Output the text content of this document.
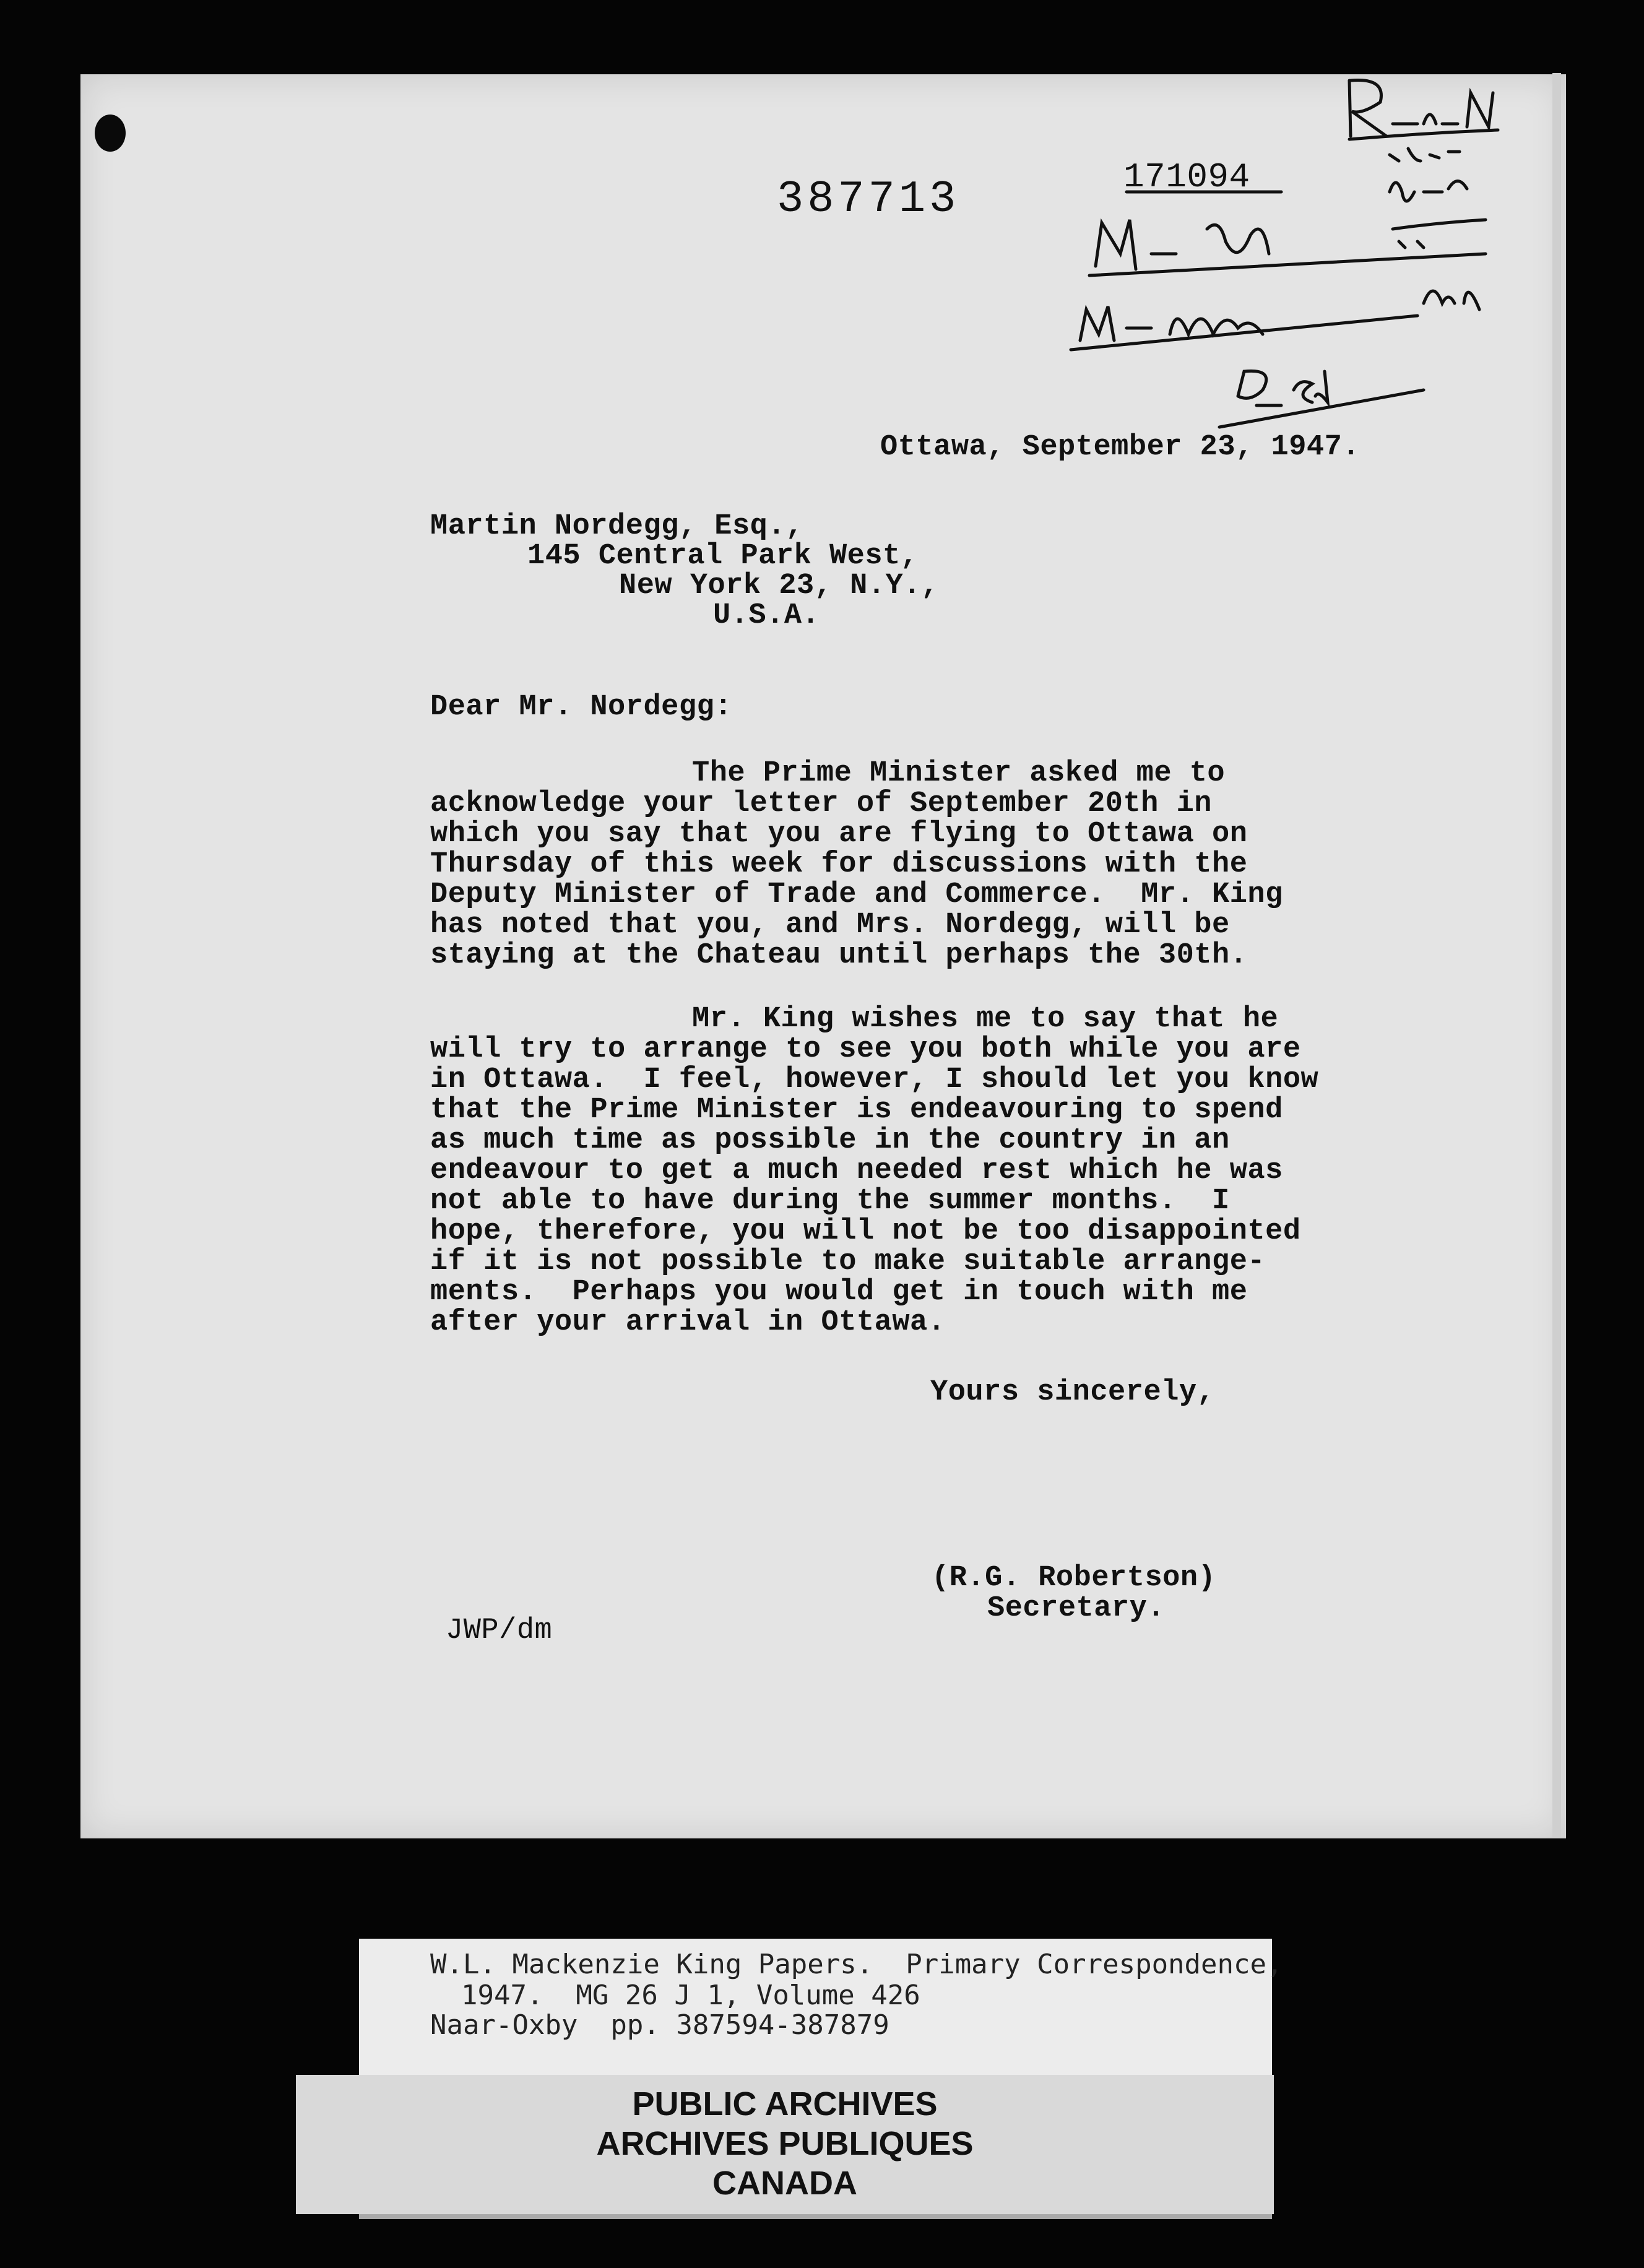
387713	171094
Ottawa, September 23, 1947.
Martin Nordegg, Esq.,
145 Central Park West,
New York 23, N.Y.,
U.S.A.
Dear Mr. Nordegg:
The Prime Minister asked me to
acknowledge your letter of September 20th in
which you say that you are flying to Ottawa on
Thursday of this week for discussions with the
Deputy Minister of Trade and Commerce.  Mr. King
has noted that you, and Mrs. Nordegg, will be
staying at the Chateau until perhaps the 30th.
Mr. King wishes me to say that he
will try to arrange to see you both while you are
in Ottawa.  I feel, however, I should let you know
that the Prime Minister is endeavouring to spend
as much time as possible in the country in an
endeavour to get a much needed rest which he was
not able to have during the summer months.  I
hope, therefore, you will not be too disappointed
if it is not possible to make suitable arrange-
ments.  Perhaps you would get in touch with me
after your arrival in Ottawa.
Yours sincerely,
(R.G. Robertson)
Secretary.
JWP/dm
W.L. Mackenzie King Papers.  Primary Correspondence,
1947.  MG 26 J 1, Volume 426
Naar-Oxby  pp. 387594-387879
PUBLIC ARCHIVES
ARCHIVES PUBLIQUES
CANADA
